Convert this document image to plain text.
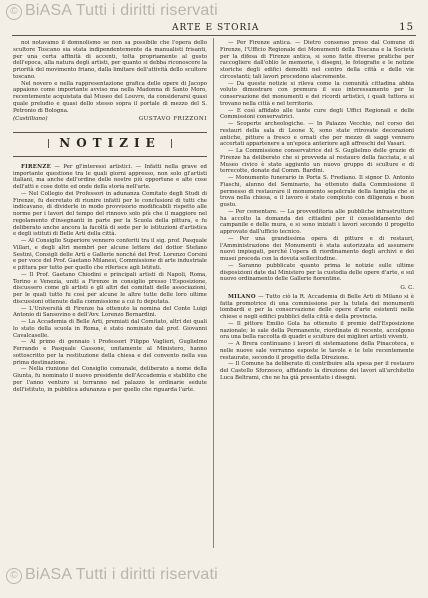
© BiASA Tutti i diritti riservati
ARTE E STORIA	15

noi notavamo il domnolismo se non sa possibile che l'opera dello scultore Toscano sia stata indipendentemente da manualisti frisanti, per una certa affinità di accenti, tolta propriamente al gusto dell'epoca, alla natura degli artisti, per quanto si debba riconoscere la priorità del movimento friano, dalla limitare dell'attività dello scultore toscano.

Nel novero e nella rappresentazione grafica delle opere di Jacopo appaiono come importante avviso ma nella Madonna di Santo Moro, recentemente acquistata dal Museo del Louvre, da considerarsi quasi quale preludio e quasi dello stesso sopra il portale di mezzo del S. Petronio di Bologna.

(Castilliano)	GUSTAVO FRIZZONI
NOTIZIE

FIRENZE — Per gl'interessi artistici. — Infatti nella grave ed importante questione tra le quali giorni appresso, non solo gl'artisti italiani, ma anche dell'ordine delle nostre più opportune e alte cose dell'atti e cose dotte ed onde della storia nell'arte.

— Nel Collegio dei Professori in adunanza Comitato degli Studi di Firenze, fu decretato di riunire infatti per le conclusioni di tutti che indicavano, di dividerle in modo provvisorio modificabili rispetto alle norme per i lavori del tempo del rinnovo solo più che il maggiore nel regolamento d'insegnanti in parte per la Scuola della pittura, e fu deliberato anche ancora la facoltà di sede per le istituzioni d'artistica e degli istituti di Belle Arti della città.

— Al Consiglio Superiore vennero conferiti tra il sig. prof. Pasquale Villari, e degli altri membri per alcune lettere del dottor Stefano Sestini, Consigli delle Arti e Gallerie nonché del Prof. Lorenzo Corsini e per voce del Prof. Gaetano Milanesi, Commissione di arte industriale e pittura per tutto per quello che riferisce agli Istituti.

— Il Prof. Gaetano Chiodini e principali artisti di Napoli, Roma, Torino e Venezia, uniti a Firenze in consiglio presso l'Esposizione, discussero come gli artisti e gli altri dei comitati delle associazioni, per le quali tutto fu così per alcune le altre tutte delle loro ultime discussioni ottenute dalla commissione a cui fu deputata.

— L'Università di Firenze ha ottenuto la nomina del Conte Luigi Antonio di Sansovino e dell'Avv. Lorenzo Bernardini.

— La Accademia di Belle Arti, premiati dal Comitato, altri dei quali lo stato della scuola in Roma, è stato nominato dal prof. Giovanni Cavalcaselle.

— Al primo di gennaio i Professori Filippo Vaglieri, Guglielmo Ferrando e Pasquale Cassone, unitamente al Ministero, hanno sottoscritto per la restituzione della chiesa e del convento nella sua prima destinazione.

— Nella riunione del Consiglio comunale, deliberato a nome della Giunta, fu nominato il nuovo presidente dell'Accademia e stabilito che per l'anno venturo si terranno nel palazzo le ordinarie sedute dell'istituto, in pubblica adunanza e per quello che riguarda l'arte.

— Per Firenze antica. — Dietro consenso preso dal Comune di Firenze, l'Ufficio Regionale dei Monumenti della Toscana e la Società per la difesa di Firenze antica, si sono fatte diverse pratiche per raccogliere dall'oblio le memorie, i disegni, le fotografie e le notizie storiche degli edifici demoliti nel centro della città e delle vie circostanti; tali lavori procedono alacremente.

— Da queste notizie si rileva come la comunità cittadina abbia voluto dimostrare con premura il suo interessamento per la conservazione dei monumenti e dei ricordi artistici, i quali tuttora si trovano nella città e nel territorio.

— E così affidato alle tante cure degli Uffici Regionali e delle Commissioni conservatrici.

— Scoperte archeologiche. — In Palazzo Vecchio, nel corso dei restauri della sala di Leone X, sono state ritrovate decorazioni antiche, pitture a fresco e ornati che per mezzo di saggi vennero accertati appartenere a un'epoca anteriore agli affreschi del Vasari.

— La Commissione conservatrice del S. Guglielmo delle grazie di Firenze ha deliberato che si provveda al restauro della facciata, e al Museo civico è stato aggiunto un nuovo gruppo di sculture e di terrecotte, donate dal Comm. Bardini.

— Monumento funerario in Porta S. Frediano. Il signor D. Antonio Fiaschi, alunno del Seminario, ha ottenuto dalla Commissione il permesso di restaurare il monumento sepolcrale della famiglia che si trova nella chiesa, e il lavoro è stato compiuto con diligenza e buon gusto.

— Per cementare. — La provveditoria alle pubbliche infrastrutture ha accolto la domanda dei cittadini per il consolidamento del campanile e delle mura, e si sono iniziati i lavori secondo il progetto approvato dall'ufficio tecnico.

— Per una grandissima opera di pitture e di restauri, l'Amministrazione dei Monumenti è stata autorizzata ad assumere nuovi impiegati, perché l'opera di riordinamento degli archivi e dei musei proceda con la dovuta sollecitudine.

— Saranno pubblicate quanto prima le notizie sulle ultime disposizioni date dal Ministero per la custodia delle opere d'arte, e sul nuovo ordinamento delle Gallerie fiorentine.

G. C.

MILANO — Tutto ciò la R. Accademia di Belle Arti di Milano si è fatta promotrice di una commissione per la tutela dei monumenti lombardi e per la conservazione delle opere d'arte esistenti nelle chiese e negli edifici pubblici della città e della provincia.

— Il pittore Emilio Gola ha ottenuto il premio dell'Esposizione nazionale; le sale della Permanente, riordinate di recente, accolgono ora una bella raccolta di quadri e sculture dei migliori artisti viventi.

— A Brera continuano i lavori di sistemazione della Pinacoteca, e nelle nuove sale verranno esposte le tavole e le tele recentemente restaurate, secondo il progetto della Direzione.

— Il Comune ha deliberato di contribuire alla spesa per il restauro del Castello Sforzesco, affidando la direzione dei lavori all'architetto Luca Beltrami, che ne ha già presentato i disegni.

© BiASA Tutti i diritti riservati
